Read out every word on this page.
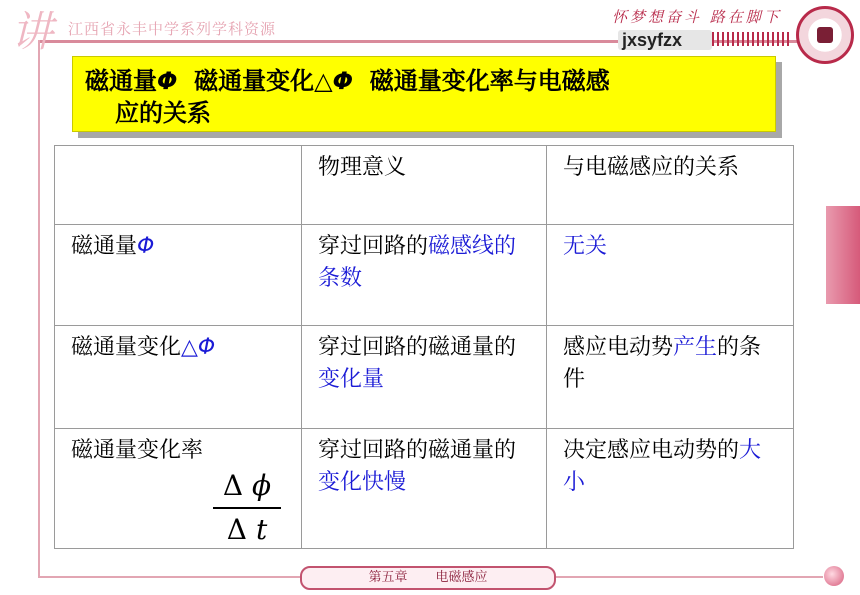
讲	江西省永丰中学系列学科资源
怀梦想奋斗 路在脚下
jxsyfzx
磁通量Φ  磁通量变化△Φ  磁通量变化率与电磁感
应的关系
	物理意义	与电磁感应的关系
磁通量Φ	穿过回路的磁感线的条数	无关
磁通量变化△Φ	穿过回路的磁通量的变化量	感应电动势产生的条件
磁通量变化率
Δ ϕ
Δ t	穿过回路的磁通量的变化快慢	决定感应电动势的大小
第五章 电磁感应
